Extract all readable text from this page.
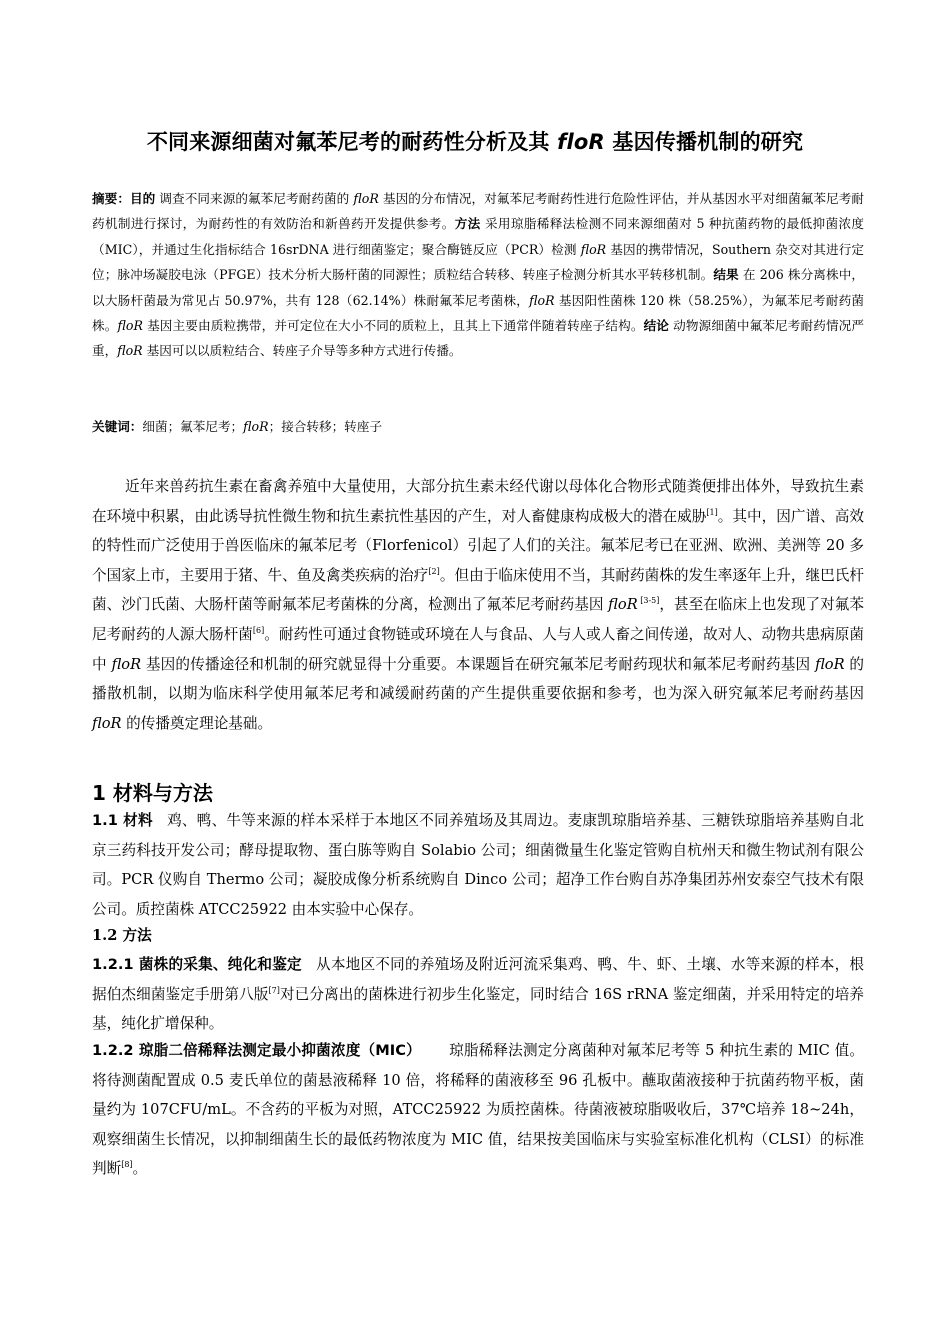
不同来源细菌对氟苯尼考的耐药性分析及其 floR 基因传播机制的研究
摘要：目的 调查不同来源的氟苯尼考耐药菌的 floR 基因的分布情况，对氟苯尼考耐药性进行危险性评估，并从基因水平对细菌氟苯尼考耐药机制进行探讨，为耐药性的有效防治和新兽药开发提供参考。方法 采用琼脂稀释法检测不同来源细菌对 5 种抗菌药物的最低抑菌浓度（MIC），并通过生化指标结合 16srDNA 进行细菌鉴定；聚合酶链反应（PCR）检测 floR 基因的携带情况，Southern 杂交对其进行定位；脉冲场凝胶电泳（PFGE）技术分析大肠杆菌的同源性；质粒结合转移、转座子检测分析其水平转移机制。结果 在 206 株分离株中，以大肠杆菌最为常见占 50.97%，共有 128（62.14%）株耐氟苯尼考菌株，floR 基因阳性菌株 120 株（58.25%），为氟苯尼考耐药菌株。floR 基因主要由质粒携带，并可定位在大小不同的质粒上，且其上下通常伴随着转座子结构。结论 动物源细菌中氟苯尼考耐药情况严重，floR 基因可以以质粒结合、转座子介导等多种方式进行传播。
关键词：细菌；氟苯尼考；floR；接合转移；转座子
近年来兽药抗生素在畜禽养殖中大量使用，大部分抗生素未经代谢以母体化合物形式随粪便排出体外，导致抗生素在环境中积累，由此诱导抗性微生物和抗生素抗性基因的产生，对人畜健康构成极大的潜在威胁[1]。其中，因广谱、高效的特性而广泛使用于兽医临床的氟苯尼考（Florfenicol）引起了人们的关注。氟苯尼考已在亚洲、欧洲、美洲等 20 多个国家上市，主要用于猪、牛、鱼及禽类疾病的治疗[2]。但由于临床使用不当，其耐药菌株的发生率逐年上升，继巴氏杆菌、沙门氏菌、大肠杆菌等耐氟苯尼考菌株的分离，检测出了氟苯尼考耐药基因 floR [3-5]，甚至在临床上也发现了对氟苯尼考耐药的人源大肠杆菌[6]。耐药性可通过食物链或环境在人与食品、人与人或人畜之间传递，故对人、动物共患病原菌中 floR 基因的传播途径和机制的研究就显得十分重要。本课题旨在研究氟苯尼考耐药现状和氟苯尼考耐药基因 floR 的播散机制，以期为临床科学使用氟苯尼考和减缓耐药菌的产生提供重要依据和参考，也为深入研究氟苯尼考耐药基因 floR 的传播奠定理论基础。
1 材料与方法
1.1 材料 鸡、鸭、牛等来源的样本采样于本地区不同养殖场及其周边。麦康凯琼脂培养基、三糖铁琼脂培养基购自北京三药科技开发公司；酵母提取物、蛋白胨等购自 Solabio 公司；细菌微量生化鉴定管购自杭州天和微生物试剂有限公司。PCR 仪购自 Thermo 公司；凝胶成像分析系统购自 Dinco 公司；超净工作台购自苏净集团苏州安泰空气技术有限公司。质控菌株 ATCC25922 由本实验中心保存。
1.2 方法
1.2.1 菌株的采集、纯化和鉴定 从本地区不同的养殖场及附近河流采集鸡、鸭、牛、虾、土壤、水等来源的样本，根据伯杰细菌鉴定手册第八版[7]对已分离出的菌株进行初步生化鉴定，同时结合 16S rRNA 鉴定细菌，并采用特定的培养基，纯化扩增保种。
1.2.2 琼脂二倍稀释法测定最小抑菌浓度（MIC） 琼脂稀释法测定分离菌种对氟苯尼考等 5 种抗生素的 MIC 值。将待测菌配置成 0.5 麦氏单位的菌悬液稀释 10 倍，将稀释的菌液移至 96 孔板中。蘸取菌液接种于抗菌药物平板，菌量约为 107CFU/mL。不含药的平板为对照，ATCC25922 为质控菌株。待菌液被琼脂吸收后，37℃培养 18~24h，观察细菌生长情况，以抑制细菌生长的最低药物浓度为 MIC 值，结果按美国临床与实验室标准化机构（CLSI）的标准判断[8]。
